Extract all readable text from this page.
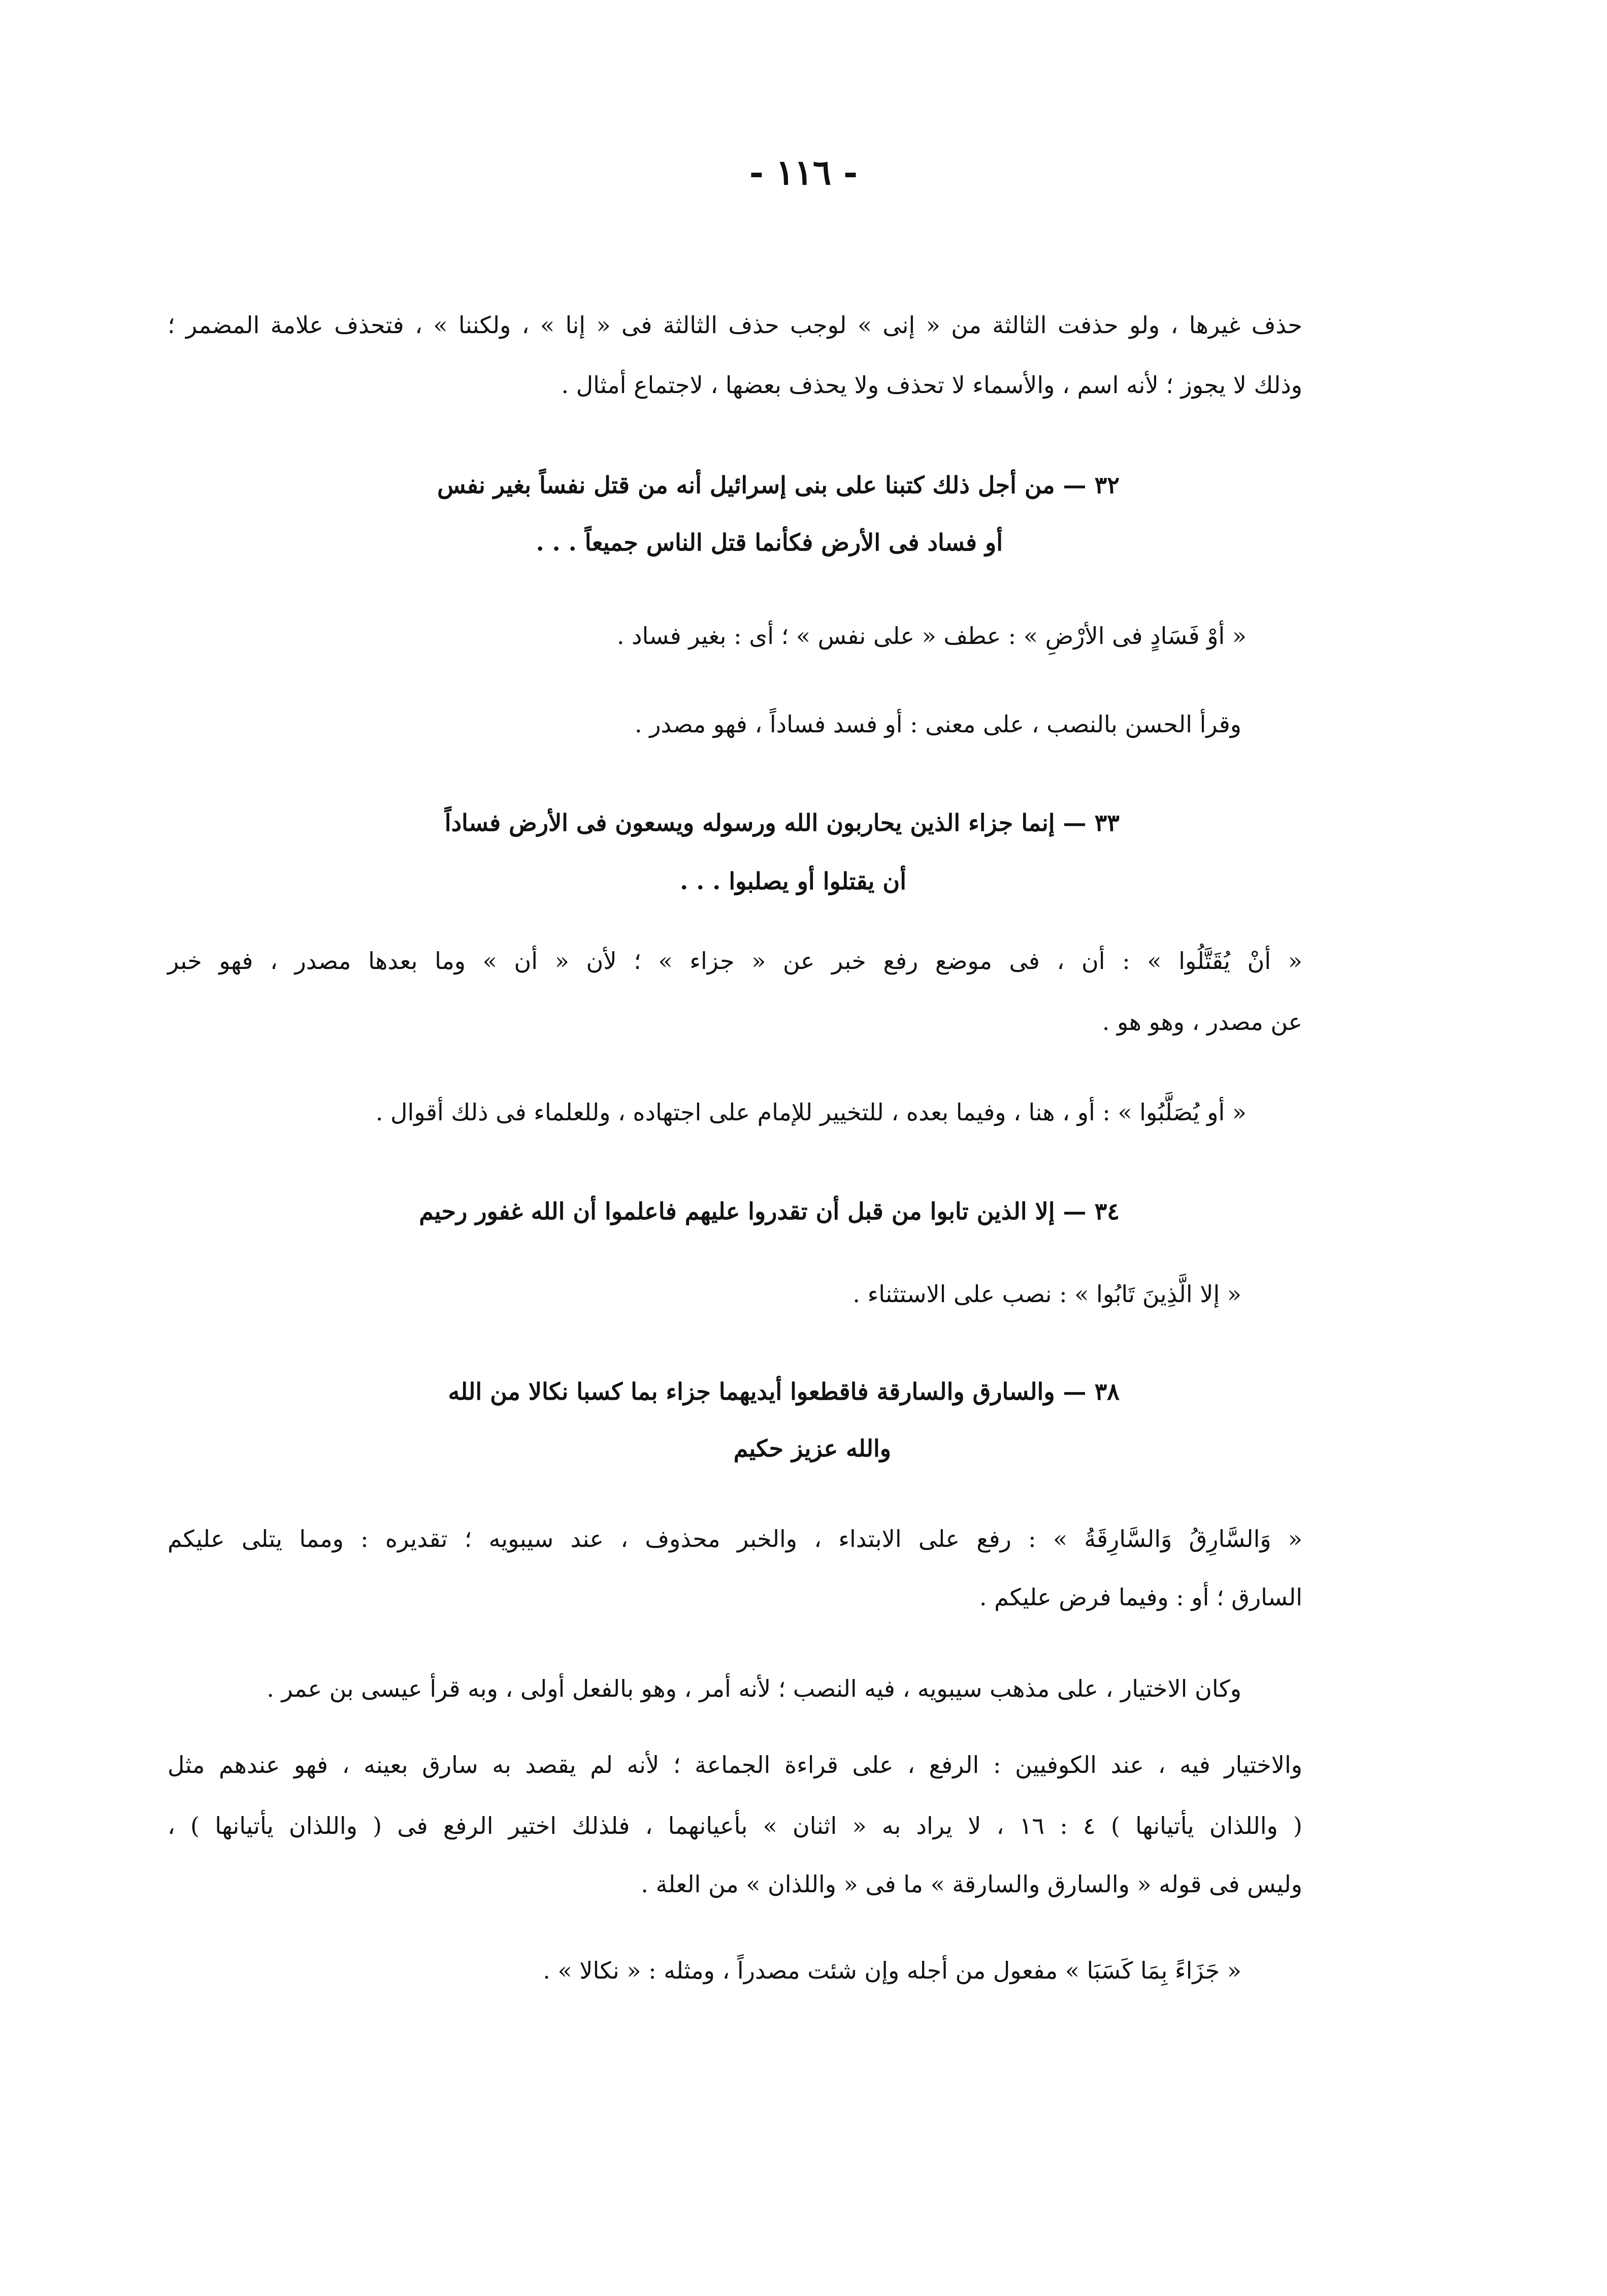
- ١١٦ -
حذف غيرها ، ولو حذفت الثالثة من « إنى » لوجب حذف الثالثة فى « إنا » ، ولكننا » ، فتحذف علامة المضمر ؛
وذلك لا يجوز ؛ لأنه اسم ، والأسماء لا تحذف ولا يحذف بعضها ، لاجتماع أمثال .
٣٢ — من أجل ذلك كتبنا على بنى إسرائيل أنه من قتل نفساً بغير نفس
أو فساد فى الأرض فكأنما قتل الناس جميعاً . . .
« أوْ فَسَادٍ فى الأرْضِ » : عطف « على نفس » ؛ أى : بغير فساد .
وقرأ الحسن بالنصب ، على معنى : أو فسد فساداً ، فهو مصدر .
٣٣ — إنما جزاء الذين يحاربون الله ورسوله ويسعون فى الأرض فساداً
أن يقتلوا أو يصلبوا . . .
« أنْ يُقَتَّلُوا » : أن ، فى موضع رفع خبر عن « جزاء » ؛ لأن « أن » وما بعدها مصدر ، فهو خبر
عن مصدر ، وهو هو .
« أو يُصَلَّبُوا » : أو ، هنا ، وفيما بعده ، للتخيير للإمام على اجتهاده ، وللعلماء فى ذلك أقوال .
٣٤ — إلا الذين تابوا من قبل أن تقدروا عليهم فاعلموا أن الله غفور رحيم
« إلا الَّذِينَ تَابُوا » : نصب على الاستثناء .
٣٨ — والسارق والسارقة فاقطعوا أيديهما جزاء بما كسبا نكالا من الله
والله عزيز حكيم
« وَالسَّارِقُ وَالسَّارِقَةُ » : رفع على الابتداء ، والخبر محذوف ، عند سيبويه ؛ تقديره : ومما يتلى عليكم
السارق ؛ أو : وفيما فرض عليكم .
وكان الاختيار ، على مذهب سيبويه ، فيه النصب ؛ لأنه أمر ، وهو بالفعل أولى ، وبه قرأ عيسى بن عمر .
والاختيار فيه ، عند الكوفيين : الرفع ، على قراءة الجماعة ؛ لأنه لم يقصد به سارق بعينه ، فهو عندهم مثل
( واللذان يأتيانها ) ٤ : ١٦ ، لا يراد به « اثنان » بأعيانهما ، فلذلك اختير الرفع فى ( واللذان يأتيانها ) ،
وليس فى قوله « والسارق والسارقة » ما فى « واللذان » من العلة .
« جَزَاءً بِمَا كَسَبَا » مفعول من أجله وإن شئت مصدراً ، ومثله : « نكالا » .
